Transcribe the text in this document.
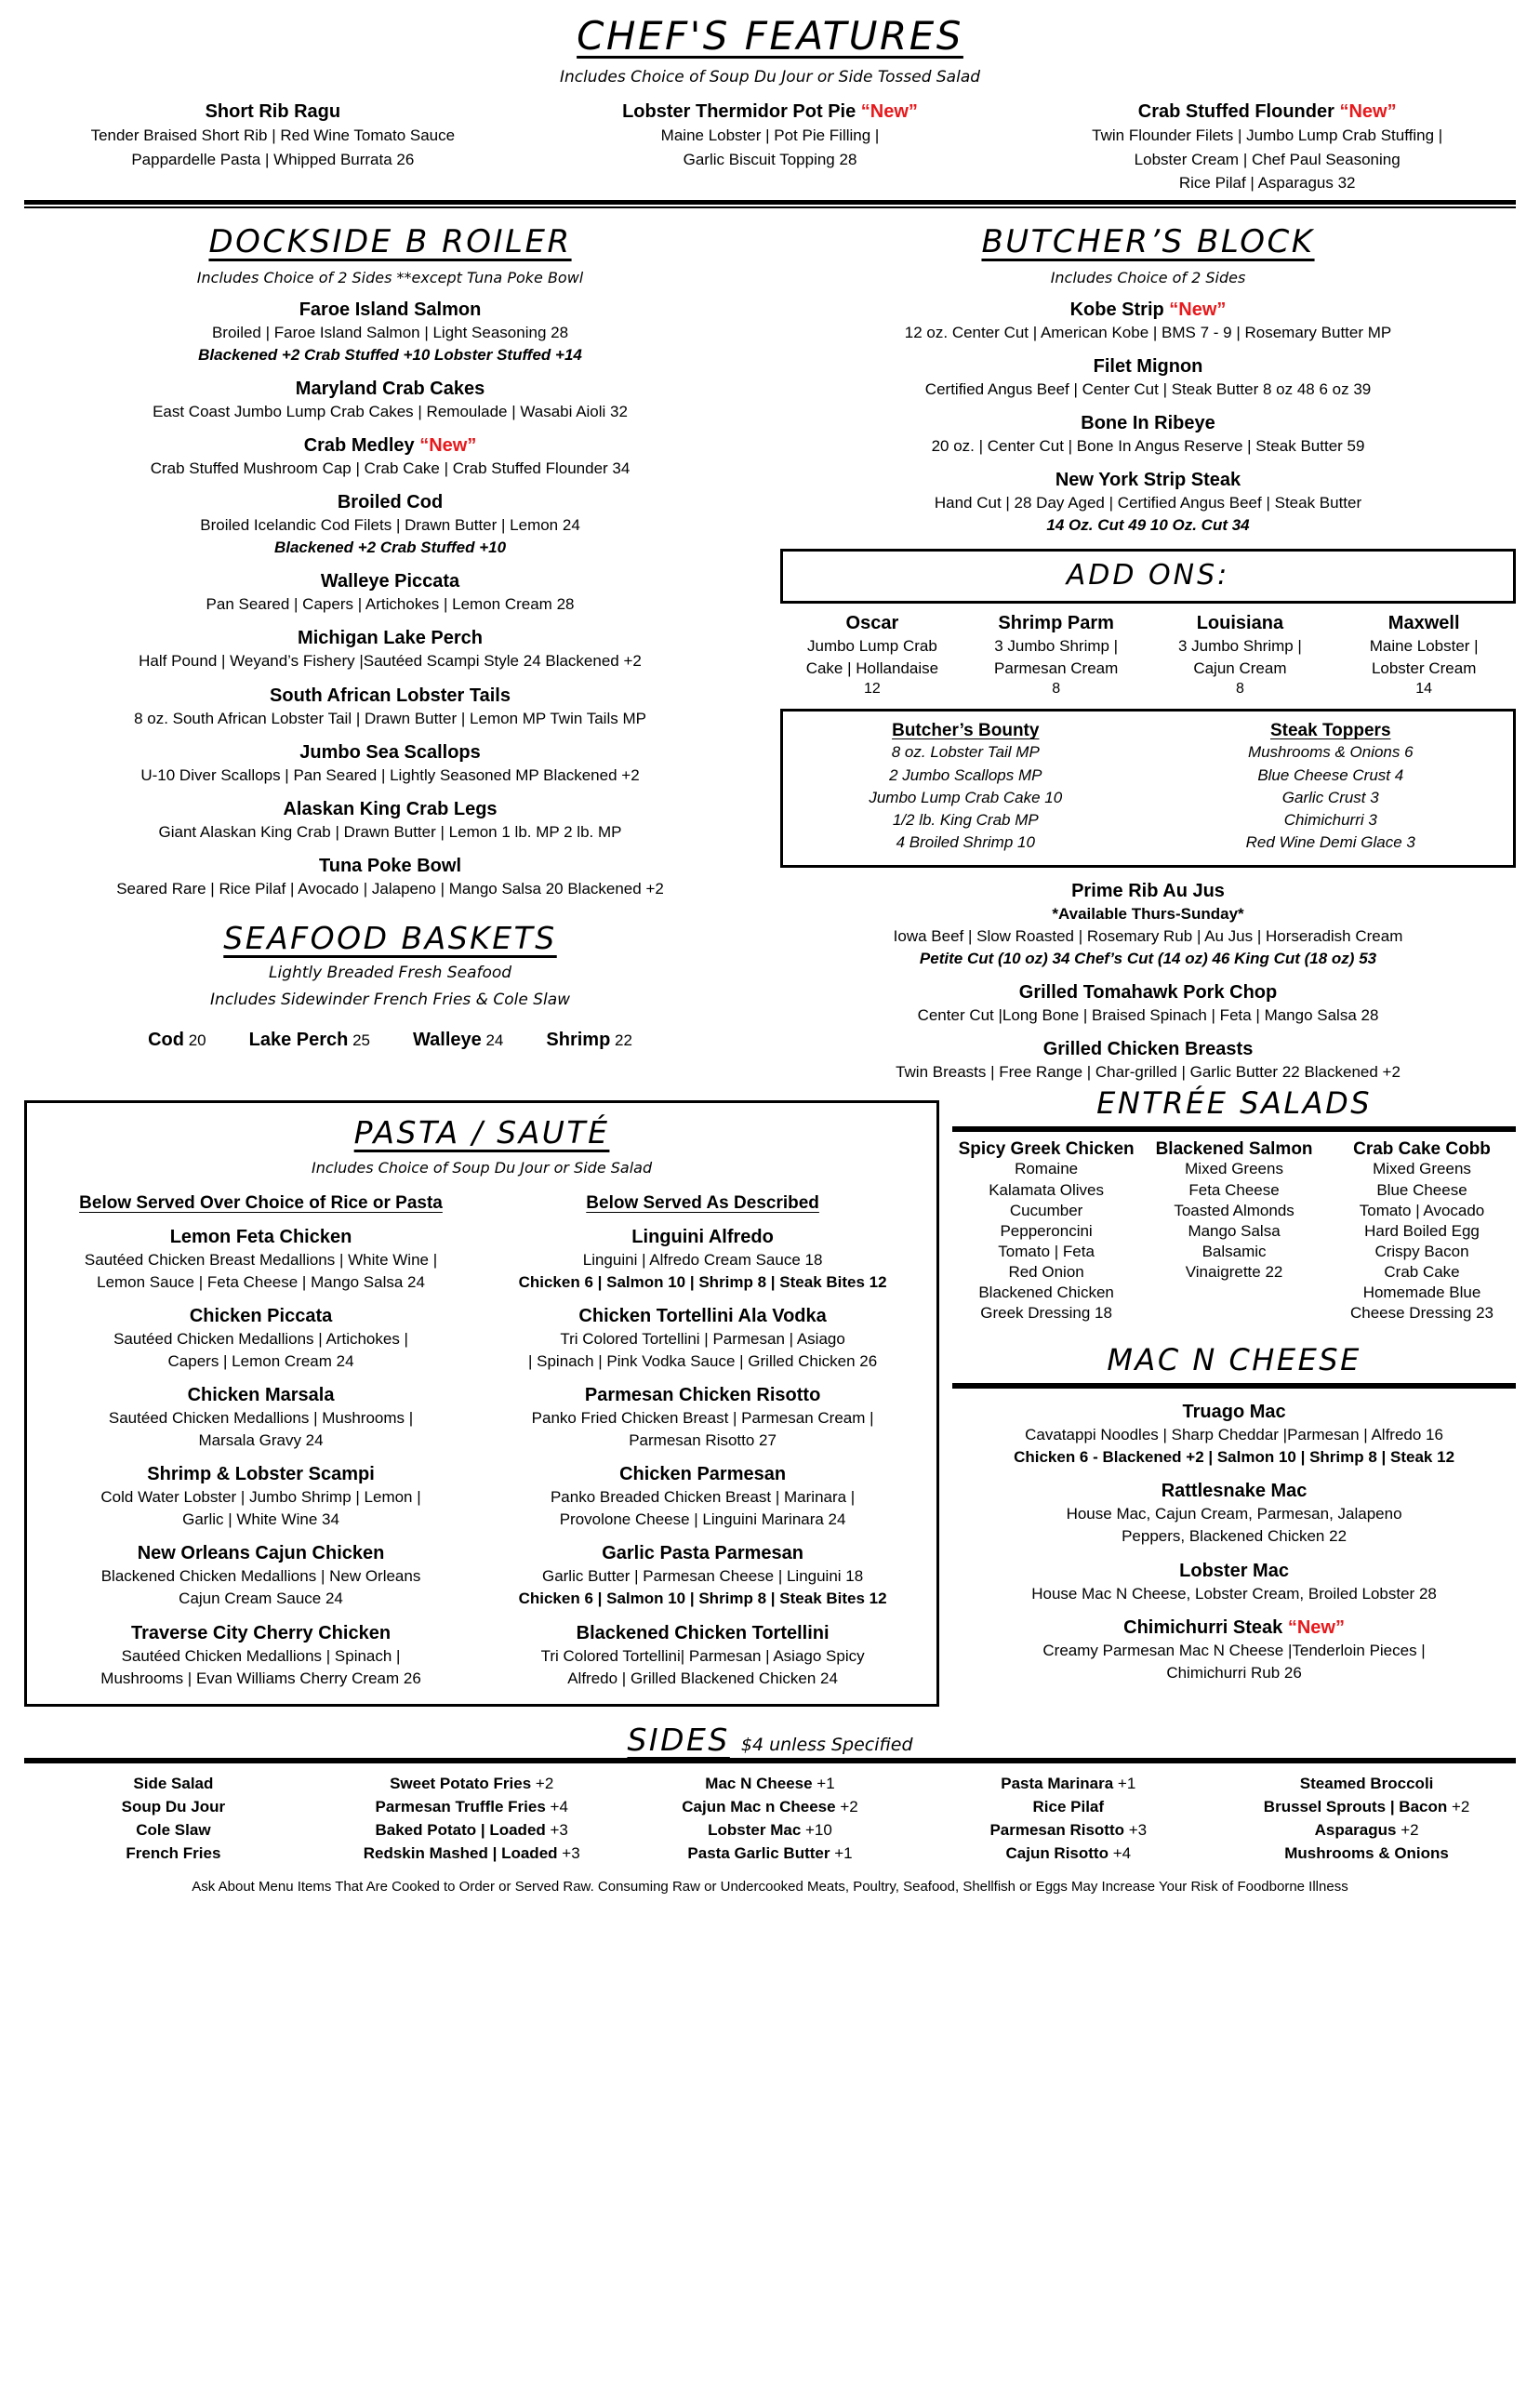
CHEF'S FEATURES
Includes Choice of Soup Du Jour or Side Tossed Salad
Short Rib Ragu
Tender Braised Short Rib | Red Wine Tomato Sauce
Pappardelle Pasta | Whipped Burrata 26
Lobster Thermidor Pot Pie “New”
Maine Lobster | Pot Pie Filling |
Garlic Biscuit Topping 28
Crab Stuffed Flounder “New”
Twin Flounder Filets | Jumbo Lump Crab Stuffing |
Lobster Cream | Chef Paul Seasoning
Rice Pilaf | Asparagus 32
DOCKSIDE B ROILER
Includes Choice of 2 Sides **except Tuna Poke Bowl
Faroe Island Salmon
Broiled | Faroe Island Salmon | Light Seasoning 28
Blackened +2 Crab Stuffed +10 Lobster Stuffed +14
Maryland Crab Cakes
East Coast Jumbo Lump Crab Cakes | Remoulade | Wasabi Aioli 32
Crab Medley “New”
Crab Stuffed Mushroom Cap | Crab Cake | Crab Stuffed Flounder 34
Broiled Cod
Broiled Icelandic Cod Filets | Drawn Butter | Lemon 24
Blackened +2 Crab Stuffed +10
Walleye Piccata
Pan Seared | Capers | Artichokes | Lemon Cream 28
Michigan Lake Perch
Half Pound | Weyand’s Fishery |Sautéed Scampi Style 24 Blackened +2
South African Lobster Tails
8 oz. South African Lobster Tail | Drawn Butter | Lemon MP Twin Tails MP
Jumbo Sea Scallops
U-10 Diver Scallops | Pan Seared | Lightly Seasoned MP Blackened +2
Alaskan King Crab Legs
Giant Alaskan King Crab | Drawn Butter | Lemon 1 lb. MP 2 lb. MP
Tuna Poke Bowl
Seared Rare | Rice Pilaf | Avocado | Jalapeno | Mango Salsa 20 Blackened +2
SEAFOOD BASKETS
Lightly Breaded Fresh Seafood
Includes Sidewinder French Fries & Cole Slaw
Cod 20 Lake Perch 25 Walleye 24 Shrimp 22
BUTCHER’S BLOCK
Includes Choice of 2 Sides
Kobe Strip “New”
12 oz. Center Cut | American Kobe | BMS 7 - 9 | Rosemary Butter MP
Filet Mignon
Certified Angus Beef | Center Cut | Steak Butter 8 oz 48 6 oz 39
Bone In Ribeye
20 oz. | Center Cut | Bone In Angus Reserve | Steak Butter 59
New York Strip Steak
Hand Cut | 28 Day Aged | Certified Angus Beef | Steak Butter
14 Oz. Cut 49 10 Oz. Cut 34
ADD ONS:
Oscar
Jumbo Lump Crab
Cake | Hollandaise
12
Shrimp Parm
3 Jumbo Shrimp |
Parmesan Cream
8
Louisiana
3 Jumbo Shrimp |
Cajun Cream
8
Maxwell
Maine Lobster |
Lobster Cream
14
Butcher’s Bounty
8 oz. Lobster Tail MP
2 Jumbo Scallops MP
Jumbo Lump Crab Cake 10
1/2 lb. King Crab MP
4 Broiled Shrimp 10
Steak Toppers
Mushrooms & Onions 6
Blue Cheese Crust 4
Garlic Crust 3
Chimichurri 3
Red Wine Demi Glace 3
Prime Rib Au Jus
*Available Thurs-Sunday*
Iowa Beef | Slow Roasted | Rosemary Rub | Au Jus | Horseradish Cream
Petite Cut (10 oz) 34 Chef’s Cut (14 oz) 46 King Cut (18 oz) 53
Grilled Tomahawk Pork Chop
Center Cut |Long Bone | Braised Spinach | Feta | Mango Salsa 28
Grilled Chicken Breasts
Twin Breasts | Free Range | Char-grilled | Garlic Butter 22 Blackened +2
PASTA / SAUTÉ
Includes Choice of Soup Du Jour or Side Salad
Below Served Over Choice of Rice or Pasta
Lemon Feta Chicken
Sautéed Chicken Breast Medallions | White Wine |
Lemon Sauce | Feta Cheese | Mango Salsa 24
Chicken Piccata
Sautéed Chicken Medallions | Artichokes |
Capers | Lemon Cream 24
Chicken Marsala
Sautéed Chicken Medallions | Mushrooms |
Marsala Gravy 24
Shrimp & Lobster Scampi
Cold Water Lobster | Jumbo Shrimp | Lemon |
Garlic | White Wine 34
New Orleans Cajun Chicken
Blackened Chicken Medallions | New Orleans
Cajun Cream Sauce 24
Traverse City Cherry Chicken
Sautéed Chicken Medallions | Spinach |
Mushrooms | Evan Williams Cherry Cream 26
Below Served As Described
Linguini Alfredo
Linguini | Alfredo Cream Sauce 18
Chicken 6 | Salmon 10 | Shrimp 8 | Steak Bites 12
Chicken Tortellini Ala Vodka
Tri Colored Tortellini | Parmesan | Asiago
| Spinach | Pink Vodka Sauce | Grilled Chicken 26
Parmesan Chicken Risotto
Panko Fried Chicken Breast | Parmesan Cream |
Parmesan Risotto 27
Chicken Parmesan
Panko Breaded Chicken Breast | Marinara |
Provolone Cheese | Linguini Marinara 24
Garlic Pasta Parmesan
Garlic Butter | Parmesan Cheese | Linguini 18
Chicken 6 | Salmon 10 | Shrimp 8 | Steak Bites 12
Blackened Chicken Tortellini
Tri Colored Tortellini| Parmesan | Asiago Spicy
Alfredo | Grilled Blackened Chicken 24
ENTRÉE SALADS
Spicy Greek Chicken
Romaine
Kalamata Olives
Cucumber
Pepperoncini
Tomato | Feta
Red Onion
Blackened Chicken
Greek Dressing 18
Blackened Salmon
Mixed Greens
Feta Cheese
Toasted Almonds
Mango Salsa
Balsamic
Vinaigrette 22
Crab Cake Cobb
Mixed Greens
Blue Cheese
Tomato | Avocado
Hard Boiled Egg
Crispy Bacon
Crab Cake
Homemade Blue
Cheese Dressing 23
MAC N CHEESE
Truago Mac
Cavatappi Noodles | Sharp Cheddar |Parmesan | Alfredo 16
Chicken 6 - Blackened +2 | Salmon 10 | Shrimp 8 | Steak 12
Rattlesnake Mac
House Mac, Cajun Cream, Parmesan, Jalapeno
Peppers, Blackened Chicken 22
Lobster Mac
House Mac N Cheese, Lobster Cream, Broiled Lobster 28
Chimichurri Steak “New”
Creamy Parmesan Mac N Cheese |Tenderloin Pieces |
Chimichurri Rub 26
SIDES $4 unless Specified
Side Salad
Soup Du Jour
Cole Slaw
French Fries
Sweet Potato Fries +2
Parmesan Truffle Fries +4
Baked Potato | Loaded +3
Redskin Mashed | Loaded +3
Mac N Cheese +1
Cajun Mac n Cheese +2
Lobster Mac +10
Pasta Garlic Butter +1
Pasta Marinara +1
Rice Pilaf
Parmesan Risotto +3
Cajun Risotto +4
Steamed Broccoli
Brussel Sprouts | Bacon +2
Asparagus +2
Mushrooms & Onions
Ask About Menu Items That Are Cooked to Order or Served Raw. Consuming Raw or Undercooked Meats, Poultry, Seafood, Shellfish or Eggs May Increase Your Risk of Foodborne Illness
